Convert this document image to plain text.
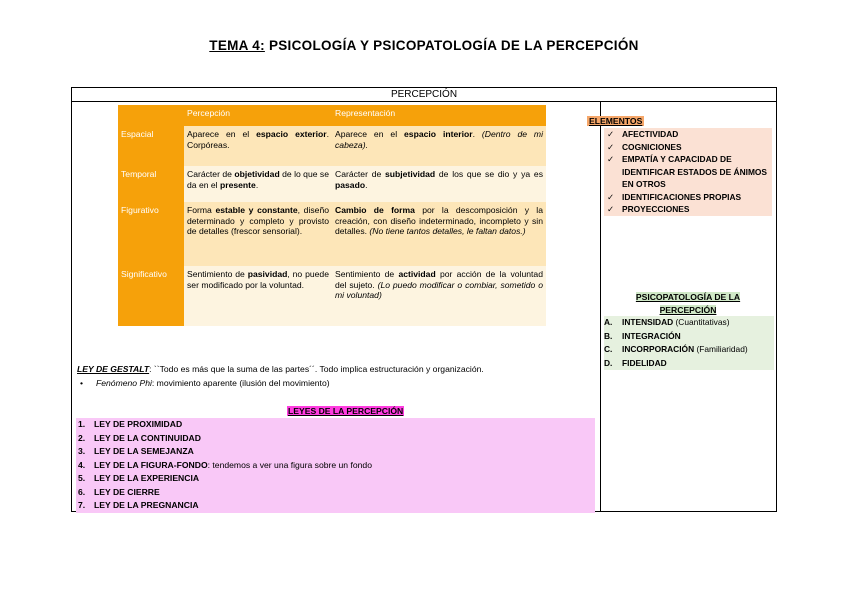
TEMA 4: PSICOLOGÍA Y PSICOPATOLOGÍA DE LA PERCEPCIÓN
PERCEPCIÓN
	Percepción	Representación
Espacial	Aparece en el espacio exterior. Corpóreas.	Aparece en el espacio interior. (Dentro de mi cabeza).
Temporal	Carácter de objetividad de lo que se da en el presente.	Carácter de subjetividad de los que se dio y ya es pasado.
Figurativo	Forma estable y constante, diseño determinado y completo y provisto de detalles (frescor sensorial).	Cambio de forma por la descomposición y la creación, con diseño indeterminado, incompleto y sin detalles. (No tiene tantos detalles, le faltan datos.)
Significativo	Sentimiento de pasividad, no puede ser modificado por la voluntad.	Sentimiento de actividad por acción de la voluntad del sujeto. (Lo puedo modificar o combiar, sometido o mi voluntad)
LEY DE GESTALT: ``Todo es más que la suma de las partes´´. Todo implica estructuración y organización.
• Fenómeno Phi: movimiento aparente (ilusión del movimiento)
LEYES DE LA PERCEPCIÓN
1. LEY DE PROXIMIDAD
2. LEY DE LA CONTINUIDAD
3. LEY DE LA SEMEJANZA
4. LEY DE LA FIGURA-FONDO: tendemos a ver una figura sobre un fondo
5. LEY DE LA EXPERIENCIA
6. LEY DE CIERRE
7. LEY DE LA PREGNANCIA
ELEMENTOS
✓ AFECTIVIDAD
✓ COGNICIONES
✓ EMPATÍA Y CAPACIDAD DE IDENTIFICAR ESTADOS DE ÁNIMOS EN OTROS
✓ IDENTIFICACIONES PROPIAS
✓ PROYECCIONES
PSICOPATOLOGÍA DE LA PERCEPCIÓN
A. INTENSIDAD (Cuantitativas)
B. INTEGRACIÓN
C. INCORPORACIÓN (Familiaridad)
D. FIDELIDAD
